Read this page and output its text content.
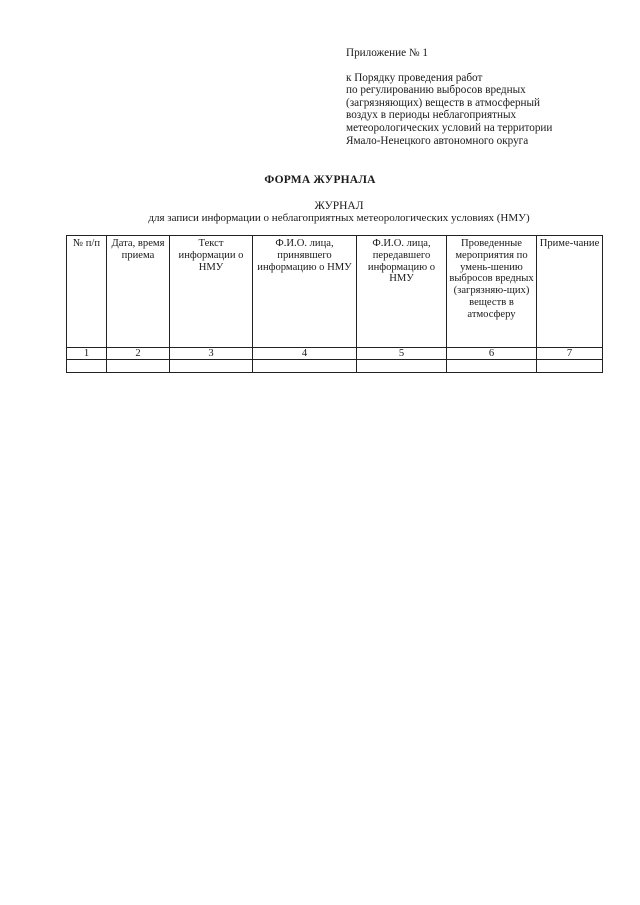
Приложение № 1
к Порядку проведения работ
по регулированию выбросов вредных
(загрязняющих) веществ в атмосферный
воздух в периоды неблагоприятных
метеорологических условий на территории
Ямало-Ненецкого автономного округа
ФОРМА ЖУРНАЛА
ЖУРНАЛ
для записи информации о неблагоприятных метеорологических условиях (НМУ)
№ п/п	Дата, время приема	Текст информации о НМУ	Ф.И.О. лица, принявшего информацию о НМУ	Ф.И.О. лица, передавшего информацию о НМУ	Проведенные мероприятия по умень-шению выбросов вредных (загрязняю-щих) веществ в атмосферу	Приме-чание
1	2	3	4	5	6	7
